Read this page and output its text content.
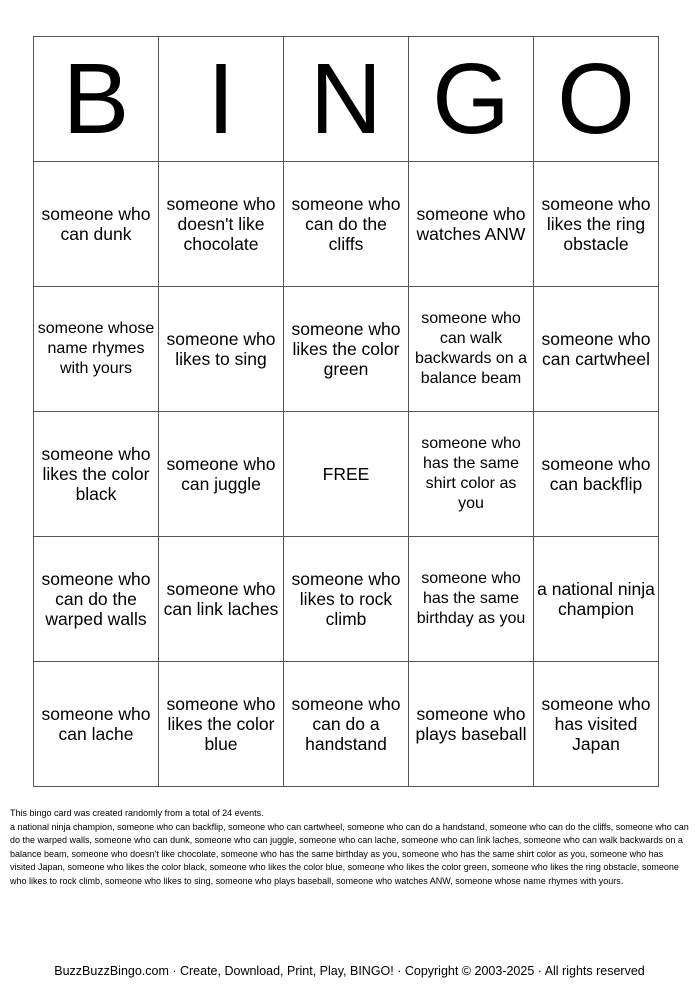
B	I	N	G	O
someone who can dunk	someone who doesn't like chocolate	someone who can do the cliffs	someone who watches ANW	someone who likes the ring obstacle
someone whose name rhymes with yours	someone who likes to sing	someone who likes the color green	someone who can walk backwards on a balance beam	someone who can cartwheel
someone who likes the color black	someone who can juggle	FREE	someone who has the same shirt color as you	someone who can backflip
someone who can do the warped walls	someone who can link laches	someone who likes to rock climb	someone who has the same birthday as you	a national ninja champion
someone who can lache	someone who likes the color blue	someone who can do a handstand	someone who plays baseball	someone who has visited Japan

This bingo card was created randomly from a total of 24 events.

a national ninja champion, someone who can backflip, someone who can cartwheel, someone who can do a handstand, someone who can do the cliffs, someone who can do the warped walls, someone who can dunk, someone who can juggle, someone who can lache, someone who can link laches, someone who can walk backwards on a balance beam, someone who doesn't like chocolate, someone who has the same birthday as you, someone who has the same shirt color as you, someone who has visited Japan, someone who likes the color black, someone who likes the color blue, someone who likes the color green, someone who likes the ring obstacle, someone who likes to rock climb, someone who likes to sing, someone who plays baseball, someone who watches ANW, someone whose name rhymes with yours.

BuzzBuzzBingo.com · Create, Download, Print, Play, BINGO! · Copyright © 2003-2025 · All rights reserved
